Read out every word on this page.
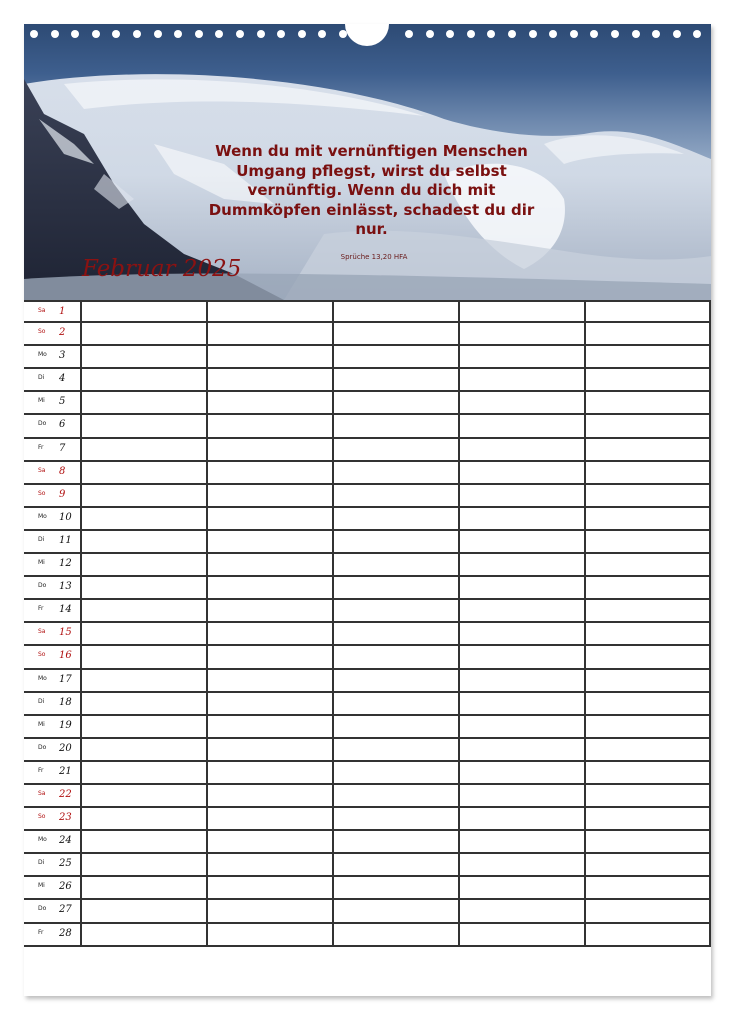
Wenn du mit vernünftigen Menschen Umgang pflegst, wirst du selbst vernünftig. Wenn du dich mit Dummköpfen einlässt, schadest du dir nur.
Sprüche 13,20 HFA
Februar 2025
Sa 1
So 2
Mo 3
Di 4
Mi 5
Do 6
Fr 7
Sa 8
So 9
Mo 10
Di 11
Mi 12
Do 13
Fr 14
Sa 15
So 16
Mo 17
Di 18
Mi 19
Do 20
Fr 21
Sa 22
So 23
Mo 24
Di 25
Mi 26
Do 27
Fr 28
